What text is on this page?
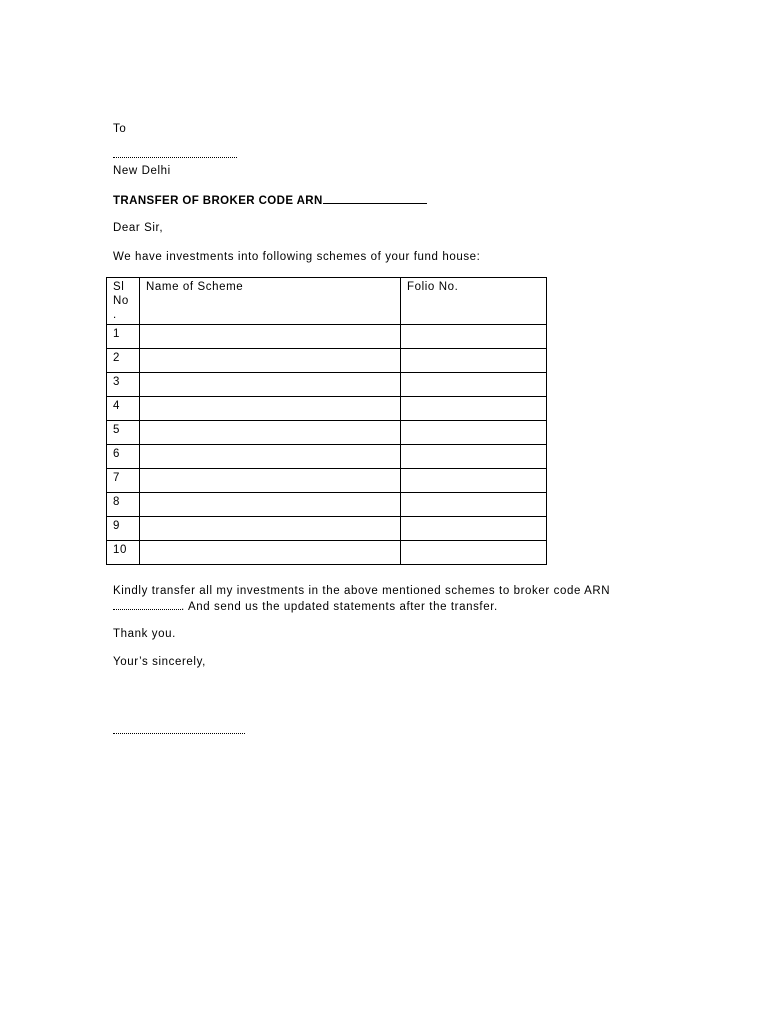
To
New Delhi
TRANSFER OF BROKER CODE ARN
Dear Sir,
We have investments into following schemes of your fund house:
Sl
No
.	Name of Scheme	Folio No.
1		
2		
3		
4		
5		
6		
7		
8		
9		
10		
Kindly transfer all my investments in the above mentioned schemes to broker code ARN
. And send us the updated statements after the transfer.
Thank you.
Your’s sincerely,
